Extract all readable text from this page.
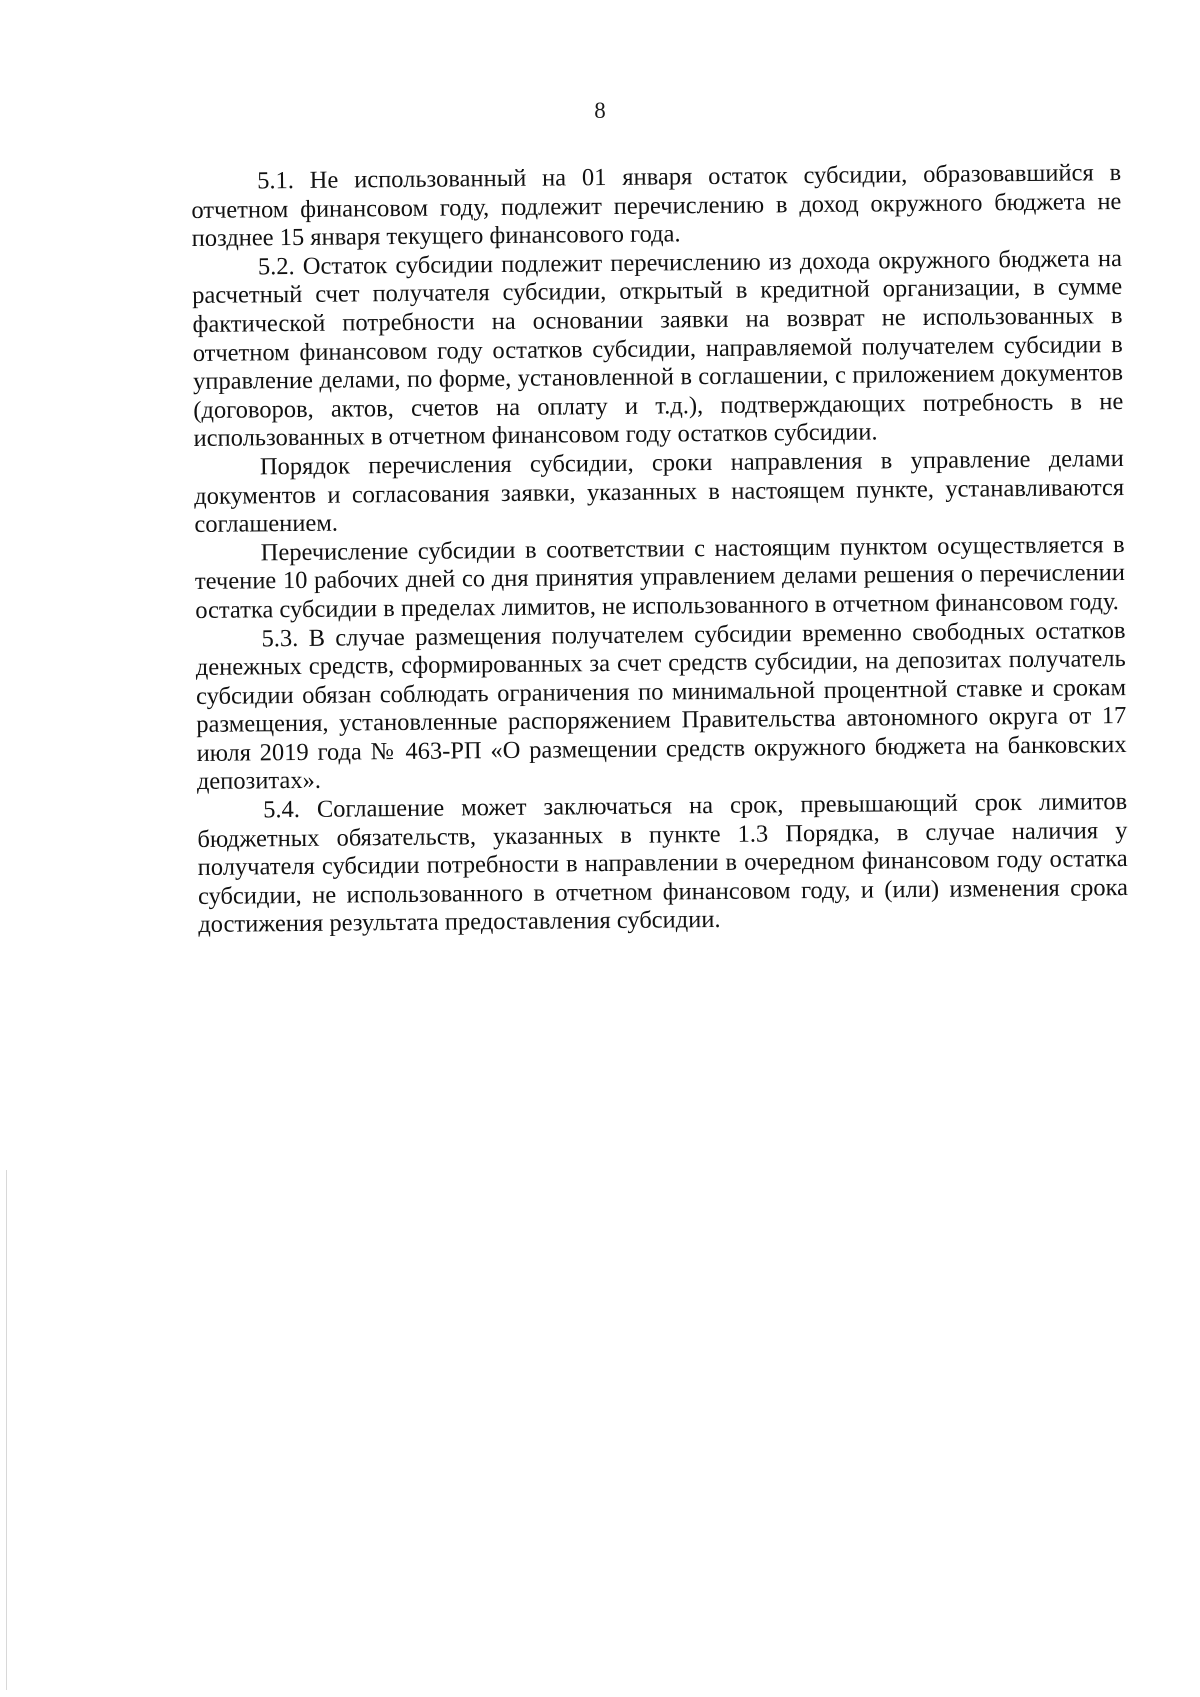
8

5.1. Не использованный на 01 января остаток субсидии, образовавшийся в отчетном финансовом году, подлежит перечислению в доход окружного бюджета не позднее 15 января текущего финансового года.

5.2. Остаток субсидии подлежит перечислению из дохода окружного бюджета на расчетный счет получателя субсидии, открытый в кредитной организации, в сумме фактической потребности на основании заявки на возврат не использованных в отчетном финансовом году остатков субсидии, направляемой получателем субсидии в управление делами, по форме, установленной в соглашении, с приложением документов (договоров, актов, счетов на оплату и т.д.), подтверждающих потребность в не использованных в отчетном финансовом году остатков субсидии.

Порядок перечисления субсидии, сроки направления в управление делами документов и согласования заявки, указанных в настоящем пункте, устанавливаются соглашением.

Перечисление субсидии в соответствии с настоящим пунктом осуществляется в течение 10 рабочих дней со дня принятия управлением делами решения о перечислении остатка субсидии в пределах лимитов, не использованного в отчетном финансовом году.

5.3. В случае размещения получателем субсидии временно свободных остатков денежных средств, сформированных за счет средств субсидии, на депозитах получатель субсидии обязан соблюдать ограничения по минимальной процентной ставке и срокам размещения, установленные распоряжением Правительства автономного округа от 17 июля 2019 года № 463-РП «О размещении средств окружного бюджета на банковских депозитах».

5.4. Соглашение может заключаться на срок, превышающий срок лимитов бюджетных обязательств, указанных в пункте 1.3 Порядка, в случае наличия у получателя субсидии потребности в направлении в очередном финансовом году остатка субсидии, не использованного в отчетном финансовом году, и (или) изменения срока достижения результата предоставления субсидии.
